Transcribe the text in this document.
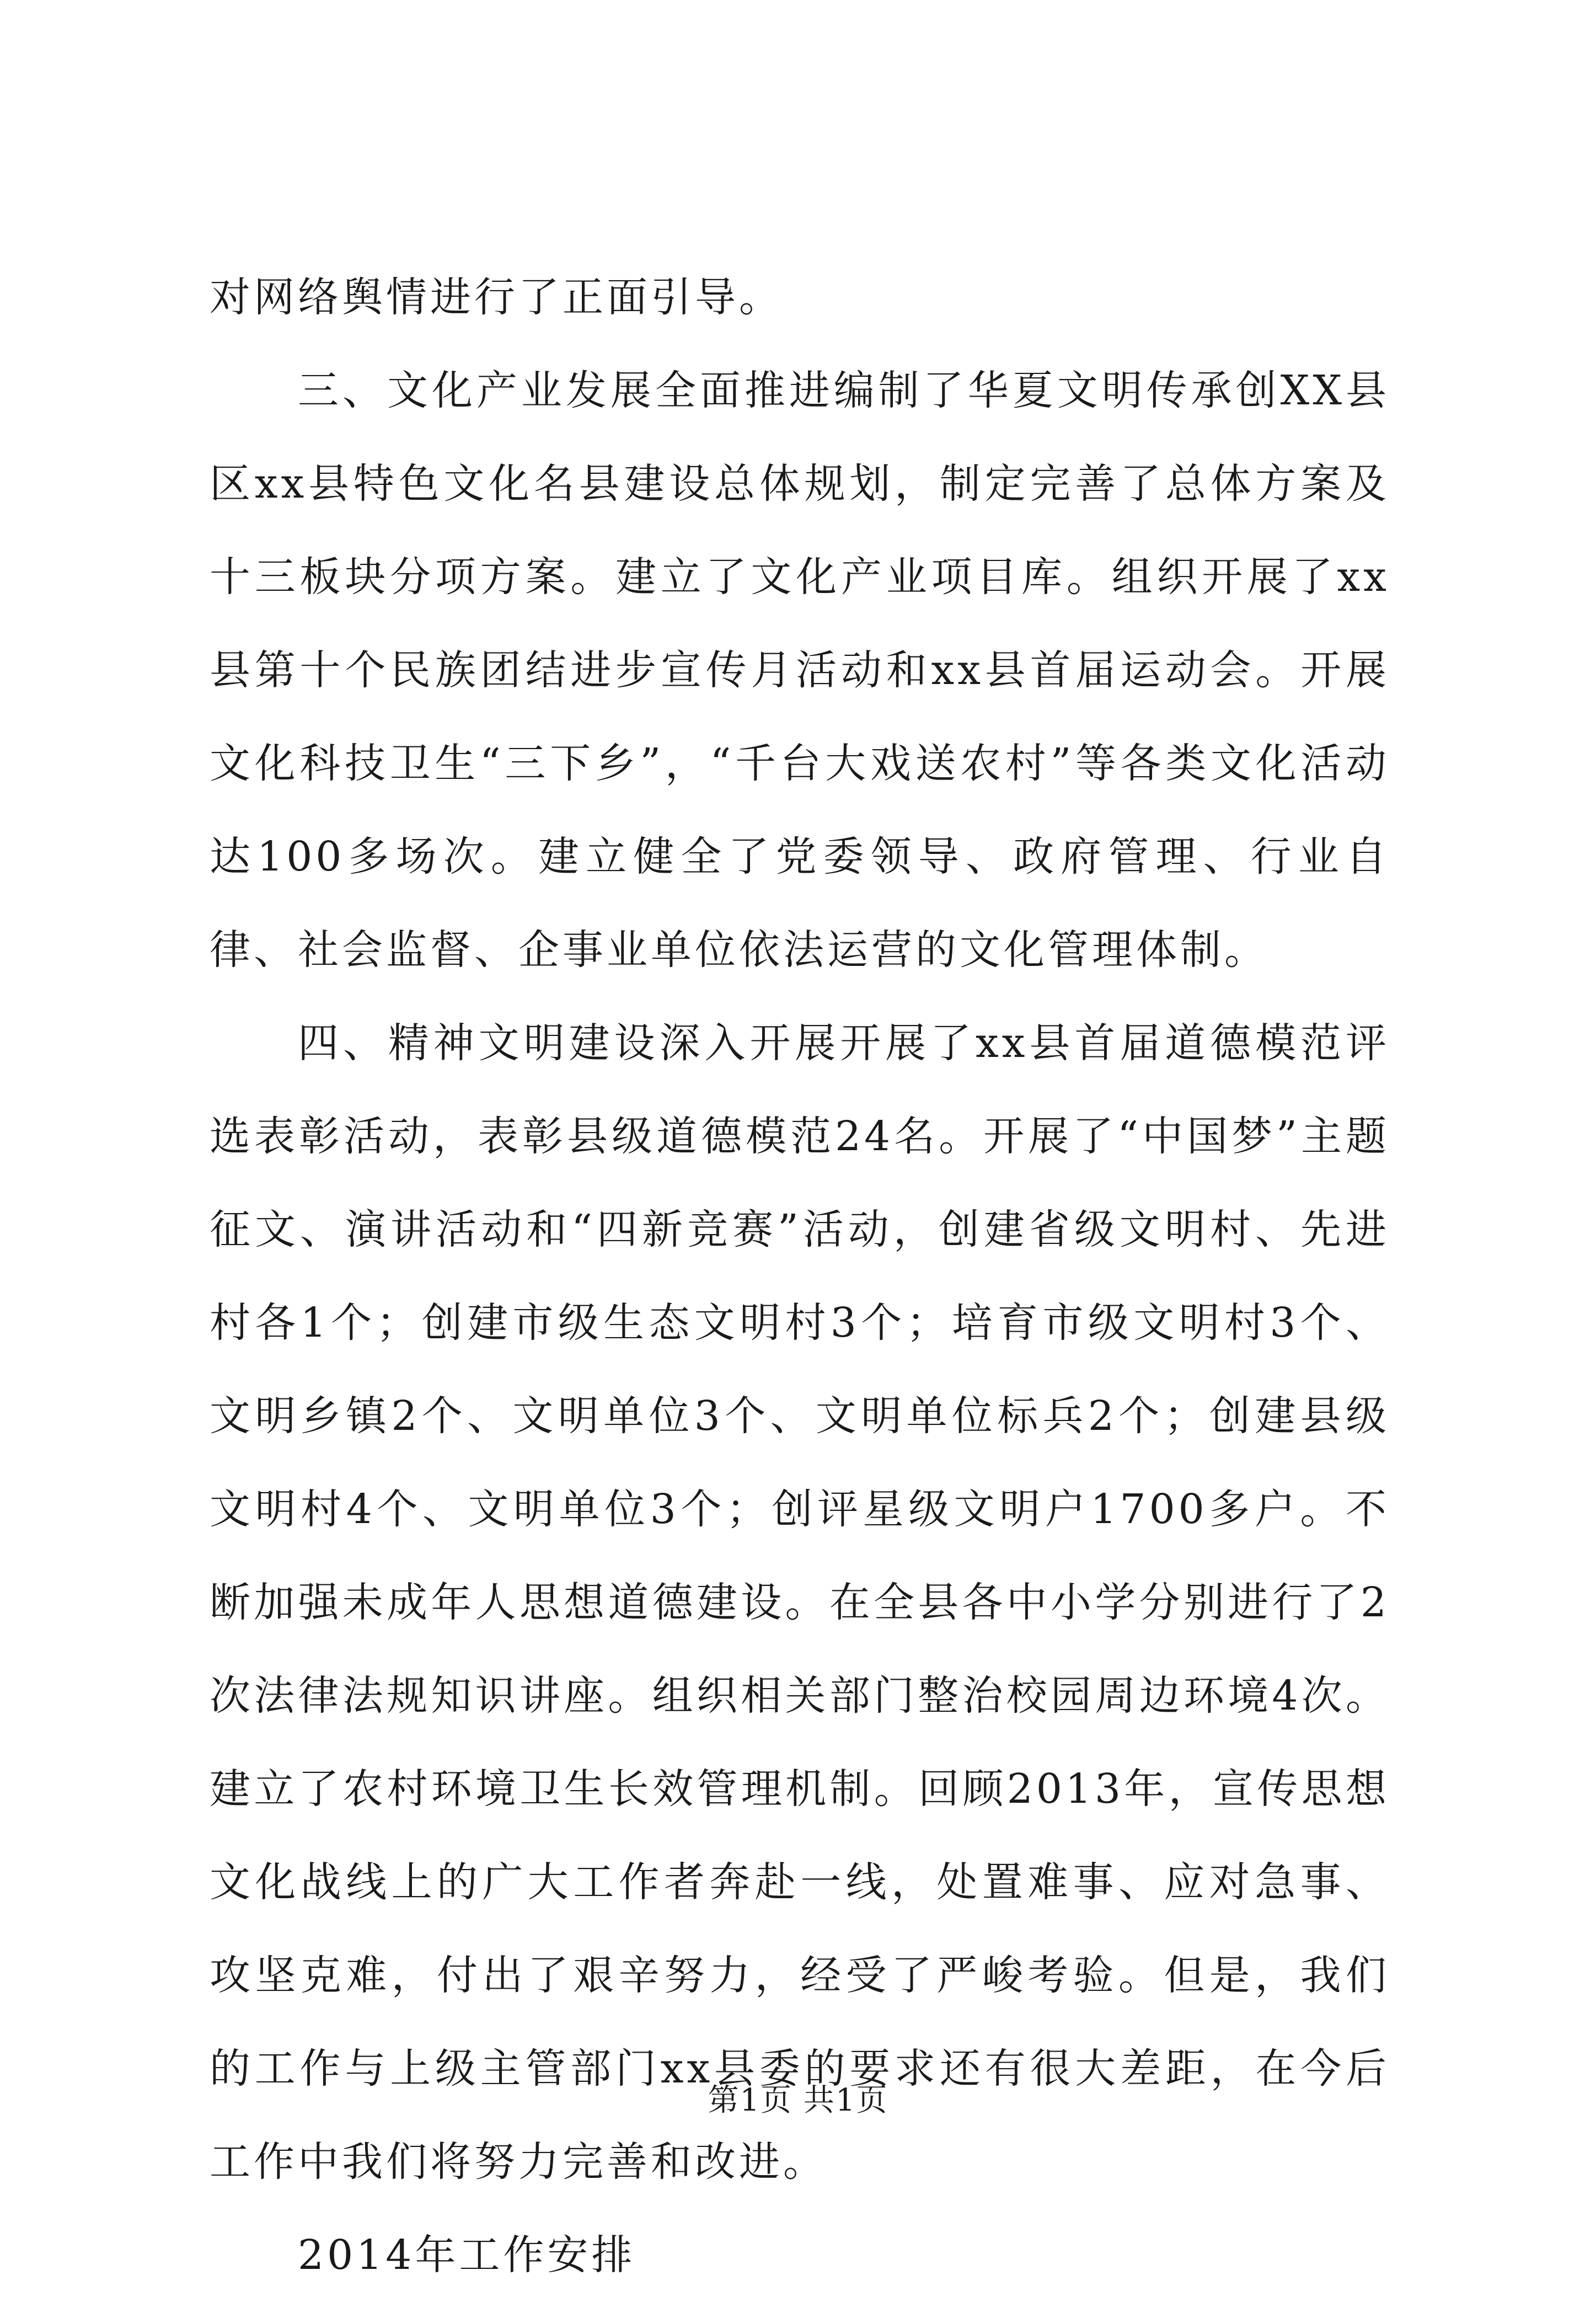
对网络舆情进行了正面引导。

三、文化产业发展全面推进编制了华夏文明传承创XX县区xx县特色文化名县建设总体规划，制定完善了总体方案及十三板块分项方案。建立了文化产业项目库。组织开展了xx县第十个民族团结进步宣传月活动和xx县首届运动会。开展文化科技卫生“三下乡”，“千台大戏送农村”等各类文化活动达100多场次。建立健全了党委领导、政府管理、行业自律、社会监督、企事业单位依法运营的文化管理体制。

四、精神文明建设深入开展开展了xx县首届道德模范评选表彰活动，表彰县级道德模范24名。开展了“中国梦”主题征文、演讲活动和“四新竞赛”活动，创建省级文明村、先进村各1个；创建市级生态文明村3个；培育市级文明村3个、文明乡镇2个、文明单位3个、文明单位标兵2个；创建县级文明村4个、文明单位3个；创评星级文明户1700多户。不断加强未成年人思想道德建设。在全县各中小学分别进行了2次法律法规知识讲座。组织相关部门整治校园周边环境4次。建立了农村环境卫生长效管理机制。回顾2013年，宣传思想文化战线上的广大工作者奔赴一线，处置难事、应对急事、攻坚克难，付出了艰辛努力，经受了严峻考验。但是，我们的工作与上级主管部门xx县委的要求还有很大差距，在今后工作中我们将努力完善和改进。

2014年工作安排

第1页 共1页
